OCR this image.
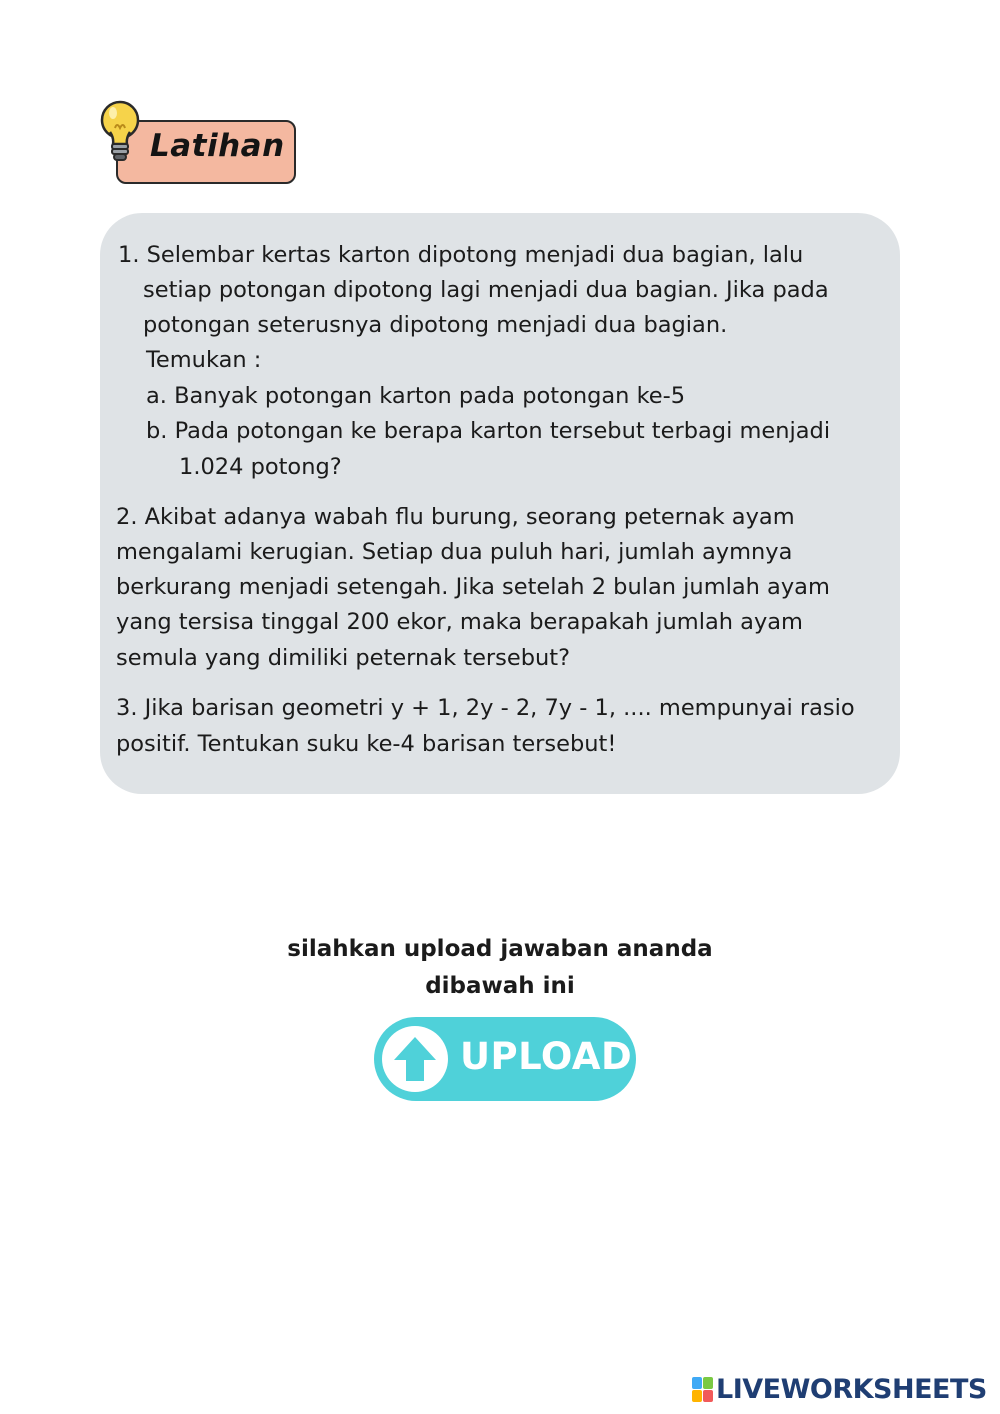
Latihan
1. Selembar kertas karton dipotong menjadi dua bagian, lalu
setiap potongan dipotong lagi menjadi dua bagian. Jika pada
potongan seterusnya dipotong menjadi dua bagian.
Temukan :
a. Banyak potongan karton pada potongan ke-5
b. Pada potongan ke berapa karton tersebut terbagi menjadi
1.024 potong?
2. Akibat adanya wabah flu burung, seorang peternak ayam
mengalami kerugian. Setiap dua puluh hari, jumlah aymnya
berkurang menjadi setengah. Jika setelah 2 bulan jumlah ayam
yang tersisa tinggal 200 ekor, maka berapakah jumlah ayam
semula yang dimiliki peternak tersebut?
3. Jika barisan geometri y + 1, 2y - 2, 7y - 1, .... mempunyai rasio
positif. Tentukan suku ke-4 barisan tersebut!
silahkan upload jawaban ananda
dibawah ini
UPLOAD
LIVEWORKSHEETS
